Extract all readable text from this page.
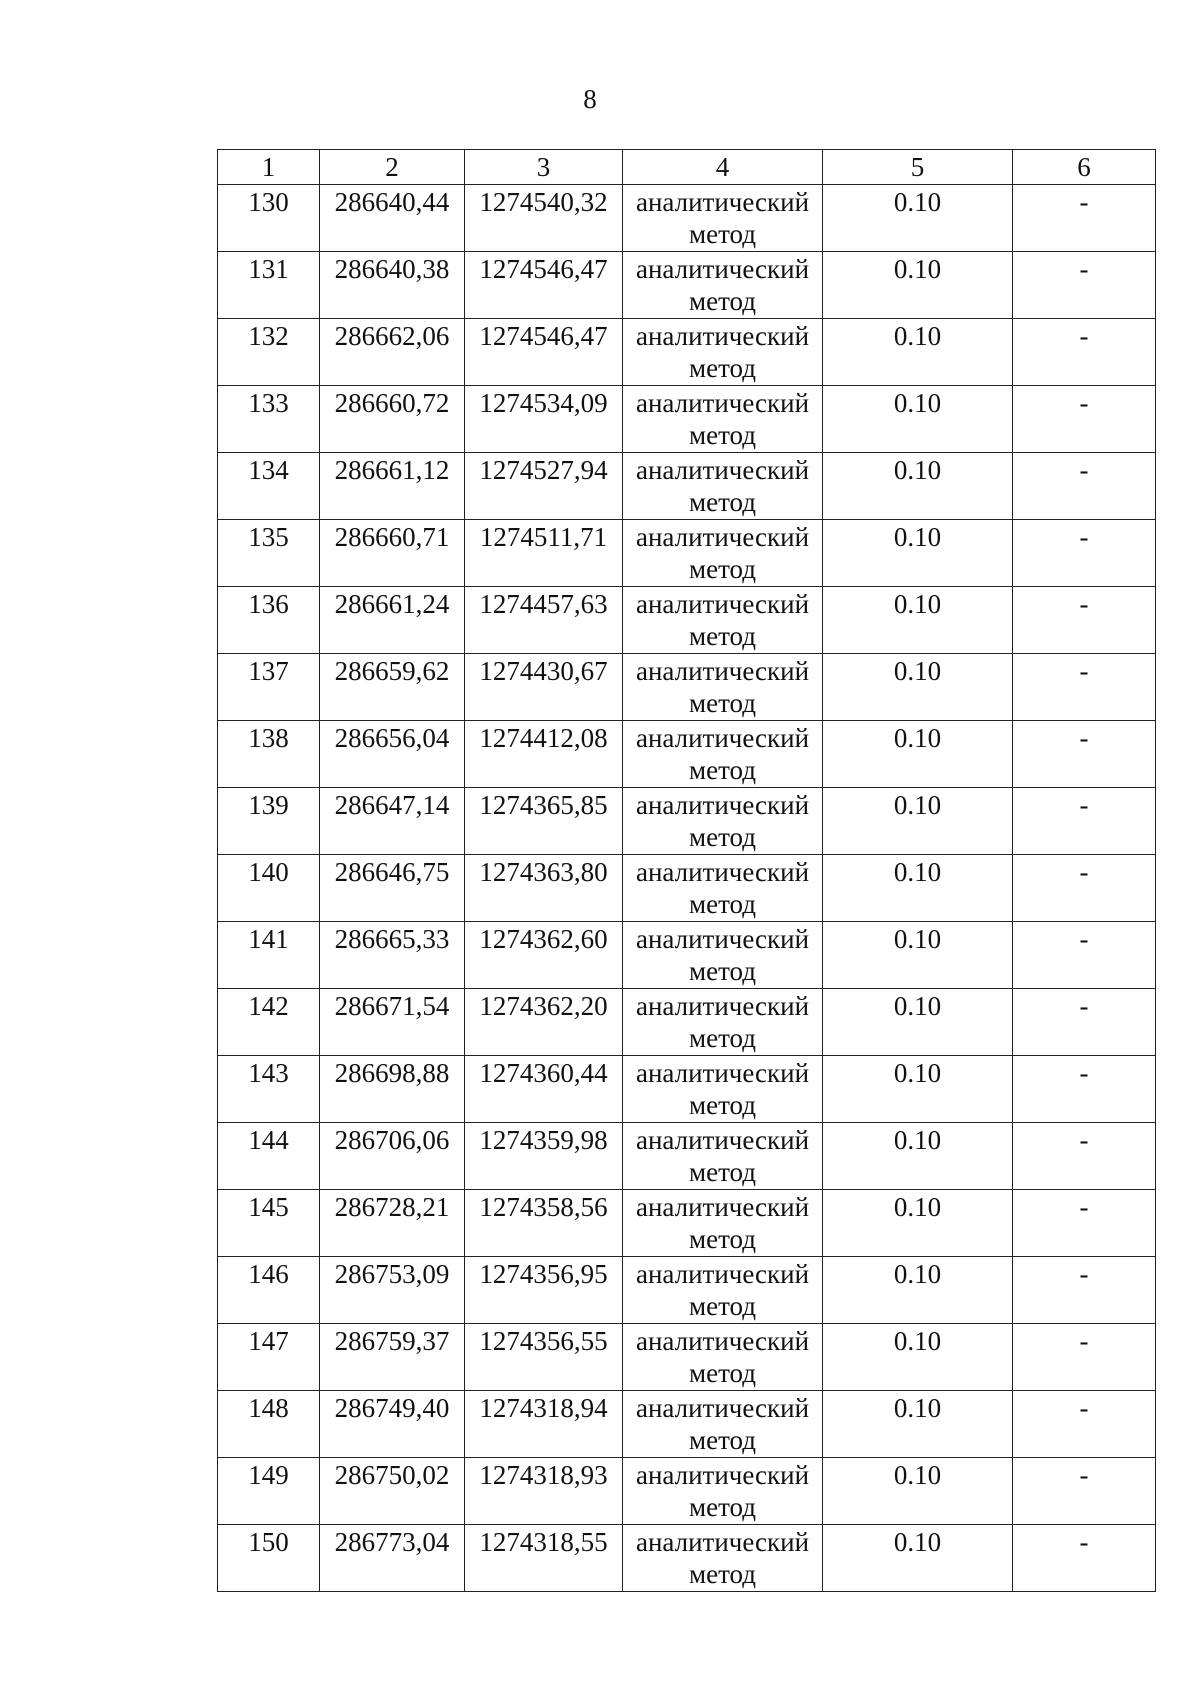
8
1	2	3	4	5	6
130	286640,44	1274540,32	аналитический
метод	0.10	-
131	286640,38	1274546,47	аналитический
метод	0.10	-
132	286662,06	1274546,47	аналитический
метод	0.10	-
133	286660,72	1274534,09	аналитический
метод	0.10	-
134	286661,12	1274527,94	аналитический
метод	0.10	-
135	286660,71	1274511,71	аналитический
метод	0.10	-
136	286661,24	1274457,63	аналитический
метод	0.10	-
137	286659,62	1274430,67	аналитический
метод	0.10	-
138	286656,04	1274412,08	аналитический
метод	0.10	-
139	286647,14	1274365,85	аналитический
метод	0.10	-
140	286646,75	1274363,80	аналитический
метод	0.10	-
141	286665,33	1274362,60	аналитический
метод	0.10	-
142	286671,54	1274362,20	аналитический
метод	0.10	-
143	286698,88	1274360,44	аналитический
метод	0.10	-
144	286706,06	1274359,98	аналитический
метод	0.10	-
145	286728,21	1274358,56	аналитический
метод	0.10	-
146	286753,09	1274356,95	аналитический
метод	0.10	-
147	286759,37	1274356,55	аналитический
метод	0.10	-
148	286749,40	1274318,94	аналитический
метод	0.10	-
149	286750,02	1274318,93	аналитический
метод	0.10	-
150	286773,04	1274318,55	аналитический
метод	0.10	-
